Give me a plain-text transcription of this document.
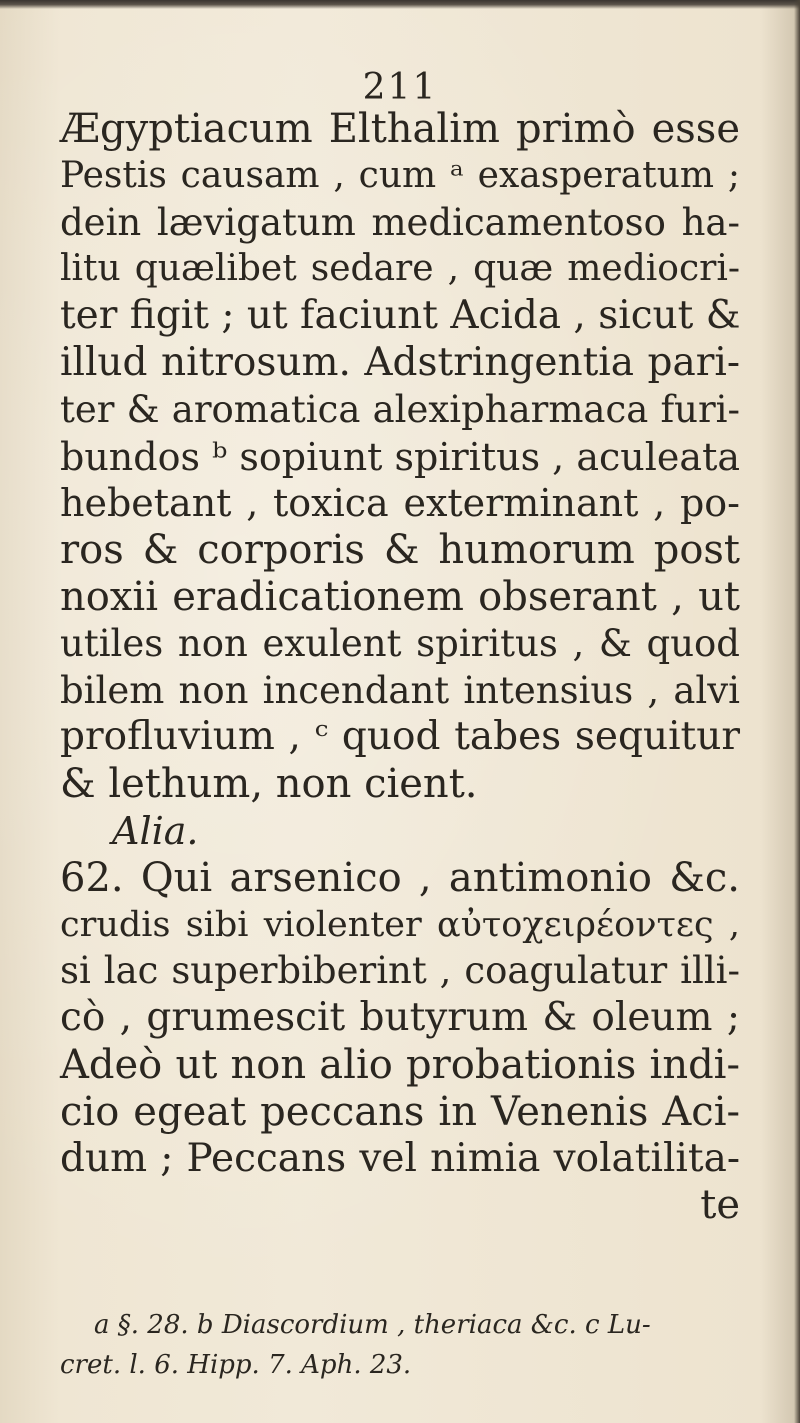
211
Ægyptiacum Elthalim primò esse
Pestis causam , cum ᵃ exasperatum ;
dein lævigatum medicamentoso ha-
litu quælibet sedare , quæ mediocri-
ter figit ; ut faciunt Acida , sicut &
illud nitrosum. Adstringentia pari-
ter & aromatica alexipharmaca furi-
bundos ᵇ sopiunt spiritus , aculeata
hebetant , toxica exterminant , po-
ros & corporis & humorum post
noxii eradicationem obserant , ut
utiles non exulent spiritus , & quod
bilem non incendant intensius , alvi
profluvium , ᶜ quod tabes sequitur
& lethum, non cient.
Alia.
62. Qui arsenico , antimonio &c.
crudis sibi violenter αὐτοχειρέοντες ,
si lac superbiberint , coagulatur illi-
cò , grumescit butyrum & oleum ;
Adeò ut non alio probationis indi-
cio egeat peccans in Venenis Aci-
dum ; Peccans vel nimia volatilita-
te
a §. 28. b Diascordium , theriaca &c. c Lu-
cret. l. 6. Hipp. 7. Aph. 23.
